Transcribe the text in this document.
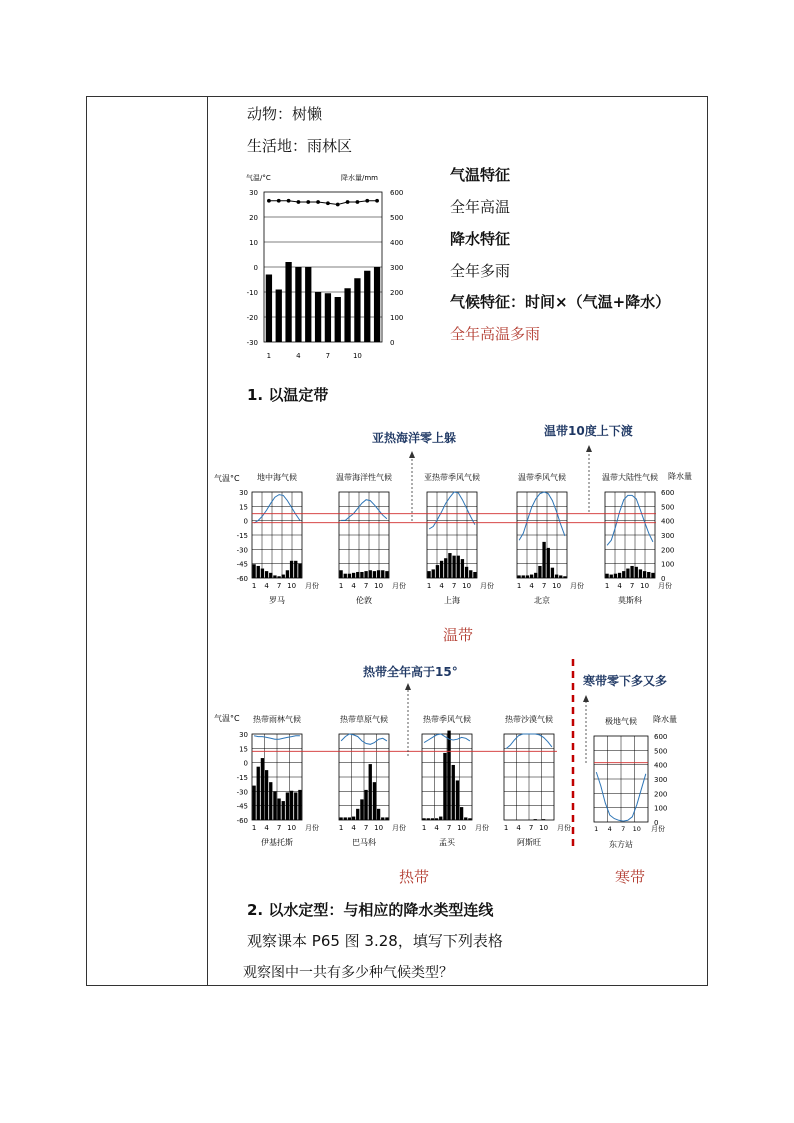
动物：树懒
生活地：雨林区
气温/°C	降水量/mm
30
20
10
0
-10
-20
-30
600
500
400
300
200
100
0
1	4	7	10
气温特征
全年高温
降水特征
全年多雨
气候特征：时间×（气温+降水）
全年高温多雨
1. 以温定带
1 4 7 10 月份
30
15
0
-15
-30
-45
-60
地中海气候
罗马
1 4 7 10 月份
温带海洋性气候
伦敦
1 4 7 10 月份
亚热带季风气候
上海
1 4 7 10 月份
温带季风气候
北京
1 4 7 10 月份
600
500
400
300
200
100
0
温带大陆性气候
莫斯科
气温°C	降水量
亚热海洋零上躲	温带10度上下渡
温带
1 4 7 10 月份
30
15
0
-15
-30
-45
-60
热带雨林气候
伊基托斯
1 4 7 10 月份
热带草原气候
巴马科
1 4 7 10 月份
热带季风气候
孟买
1 4 7 10 月份
热带沙漠气候
阿斯旺
气温°C
1 4 7 10 月份
600
500
400
300
200
100
0
极地气候
东方站
降水量
热带全年高于15°
寒带零下多又多
热带	寒带
2. 以水定型：与相应的降水类型连线
观察课本 P65 图 3.28，填写下列表格
观察图中一共有多少种气候类型？
